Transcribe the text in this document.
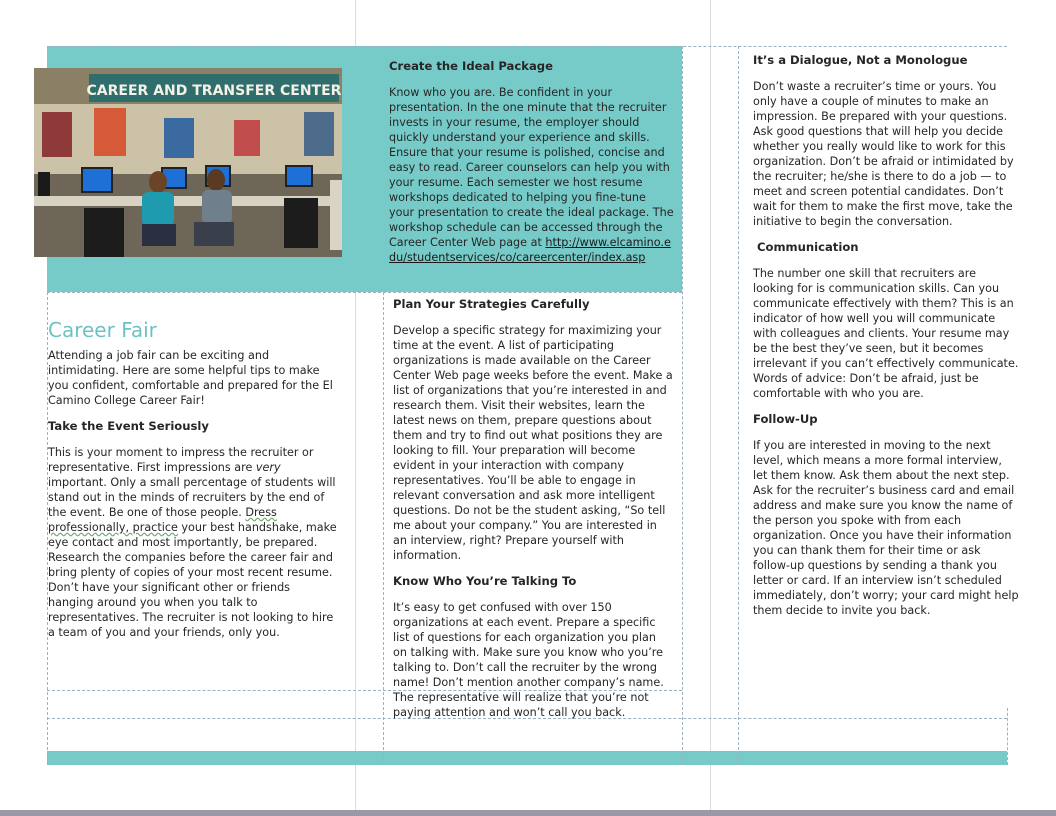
CAREER AND TRANSFER CENTER
Career Fair

Attending a job fair can be exciting and intimidating. Here are some helpful tips to make you confident, comfortable and prepared for the El Camino College Career Fair!

Take the Event Seriously

This is your moment to impress the recruiter or representative. First impressions are very important. Only a small percentage of students will stand out in the minds of recruiters by the end of the event. Be one of those people. Dress professionally, practice your best handshake, make eye contact and most importantly, be prepared. Research the companies before the career fair and bring plenty of copies of your most recent resume. Don’t have your significant other or friends hanging around you when you talk to representatives. The recruiter is not looking to hire a team of you and your friends, only you.

Create the Ideal Package

Know who you are. Be confident in your presentation. In the one minute that the recruiter invests in your resume, the employer should quickly understand your experience and skills. Ensure that your resume is polished, concise and easy to read. Career counselors can help you with your resume. Each semester we host resume workshops dedicated to helping you fine-tune your presentation to create the ideal package. The workshop schedule can be accessed through the Career Center Web page at http://www.elcamino.edu/studentservices/co/careercenter/index.asp

Plan Your Strategies Carefully

Develop a specific strategy for maximizing your time at the event. A list of participating organizations is made available on the Career Center Web page weeks before the event. Make a list of organizations that you’re interested in and research them. Visit their websites, learn the latest news on them, prepare questions about them and try to find out what positions they are looking to fill. Your preparation will become evident in your interaction with company representatives. You’ll be able to engage in relevant conversation and ask more intelligent questions. Do not be the student asking, “So tell me about your company.” You are interested in an interview, right? Prepare yourself with information.

Know Who You’re Talking To

It’s easy to get confused with over 150 organizations at each event. Prepare a specific list of questions for each organization you plan on talking with. Make sure you know who you’re talking to. Don’t call the recruiter by the wrong name! Don’t mention another company’s name. The representative will realize that you’re not paying attention and won’t call you back.

It’s a Dialogue, Not a Monologue

Don’t waste a recruiter’s time or yours. You only have a couple of minutes to make an impression. Be prepared with your questions. Ask good questions that will help you decide whether you really would like to work for this organization. Don’t be afraid or intimidated by the recruiter; he/she is there to do a job — to meet and screen potential candidates. Don’t wait for them to make the first move, take the initiative to begin the conversation.

Communication

The number one skill that recruiters are looking for is communication skills. Can you communicate effectively with them? This is an indicator of how well you will communicate with colleagues and clients. Your resume may be the best they’ve seen, but it becomes irrelevant if you can’t effectively communicate. Words of advice: Don’t be afraid, just be comfortable with who you are.

Follow-Up

If you are interested in moving to the next level, which means a more formal interview, let them know. Ask them about the next step. Ask for the recruiter’s business card and email address and make sure you know the name of the person you spoke with from each organization. Once you have their information you can thank them for their time or ask follow-up questions by sending a thank you letter or card. If an interview isn’t scheduled immediately, don’t worry; your card might help them decide to invite you back.
